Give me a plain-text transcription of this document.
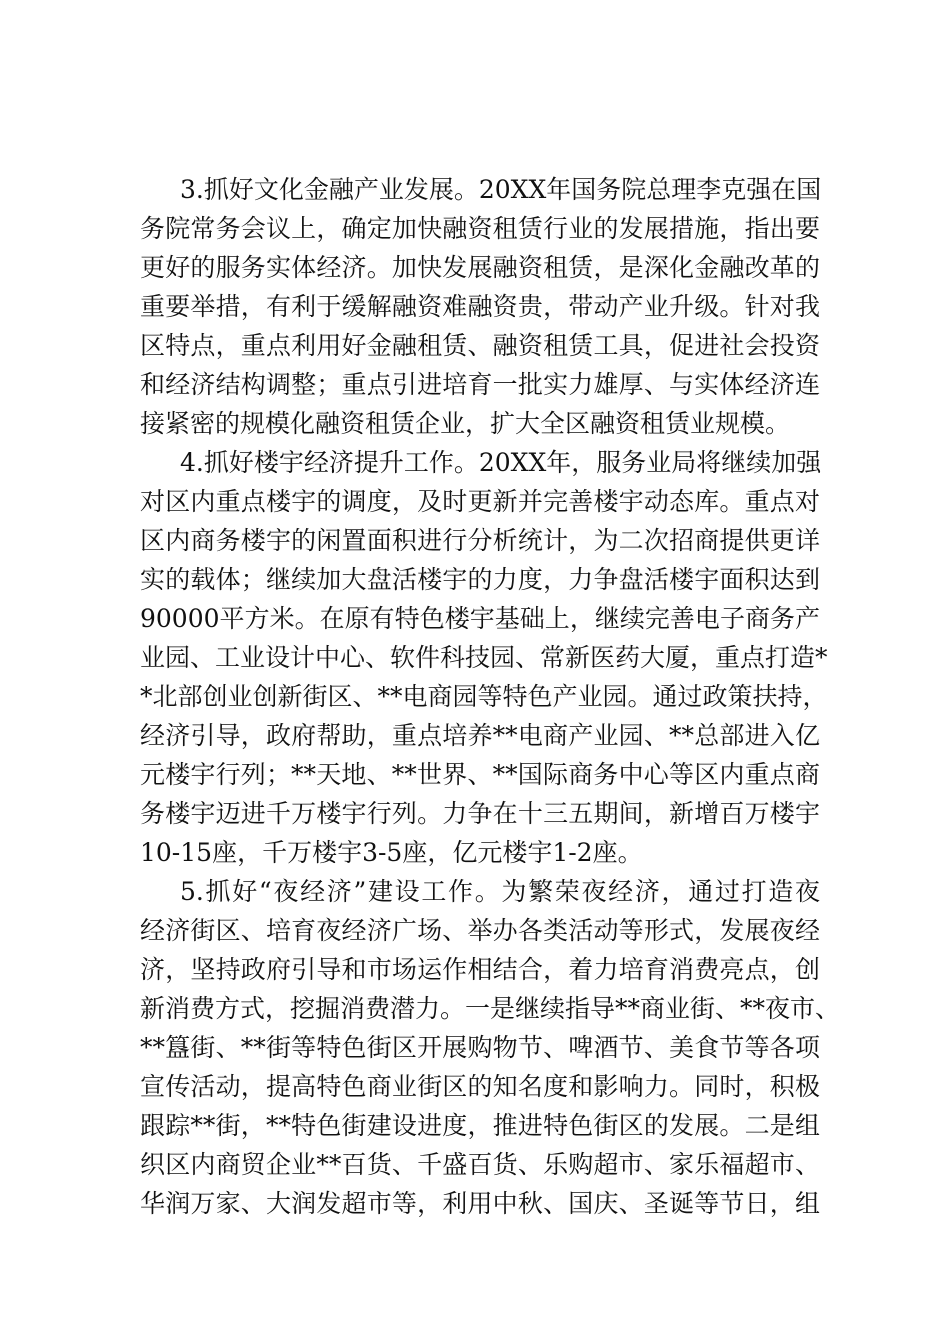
3.抓好文化金融产业发展。20XX年国务院总理李克强在国
务院常务会议上，确定加快融资租赁行业的发展措施，指出要
更好的服务实体经济。加快发展融资租赁，是深化金融改革的
重要举措，有利于缓解融资难融资贵，带动产业升级。针对我
区特点，重点利用好金融租赁、融资租赁工具，促进社会投资
和经济结构调整；重点引进培育一批实力雄厚、与实体经济连
接紧密的规模化融资租赁企业，扩大全区融资租赁业规模。
4.抓好楼宇经济提升工作。20XX年，服务业局将继续加强
对区内重点楼宇的调度，及时更新并完善楼宇动态库。重点对
区内商务楼宇的闲置面积进行分析统计，为二次招商提供更详
实的载体；继续加大盘活楼宇的力度，力争盘活楼宇面积达到
90000平方米。在原有特色楼宇基础上，继续完善电子商务产
业园、工业设计中心、软件科技园、常新医药大厦，重点打造*
*北部创业创新街区、**电商园等特色产业园。通过政策扶持，
经济引导，政府帮助，重点培养**电商产业园、**总部进入亿
元楼宇行列；**天地、**世界、**国际商务中心等区内重点商
务楼宇迈进千万楼宇行列。力争在十三五期间，新增百万楼宇
10-15座，千万楼宇3-5座，亿元楼宇1-2座。
5.抓好“夜经济”建设工作。为繁荣夜经济，通过打造夜
经济街区、培育夜经济广场、举办各类活动等形式，发展夜经
济，坚持政府引导和市场运作相结合，着力培育消费亮点，创
新消费方式，挖掘消费潜力。一是继续指导**商业街、**夜市、
**簋街、**街等特色街区开展购物节、啤酒节、美食节等各项
宣传活动，提高特色商业街区的知名度和影响力。同时，积极
跟踪**街，**特色街建设进度，推进特色街区的发展。二是组
织区内商贸企业**百货、千盛百货、乐购超市、家乐福超市、
华润万家、大润发超市等，利用中秋、国庆、圣诞等节日，组
